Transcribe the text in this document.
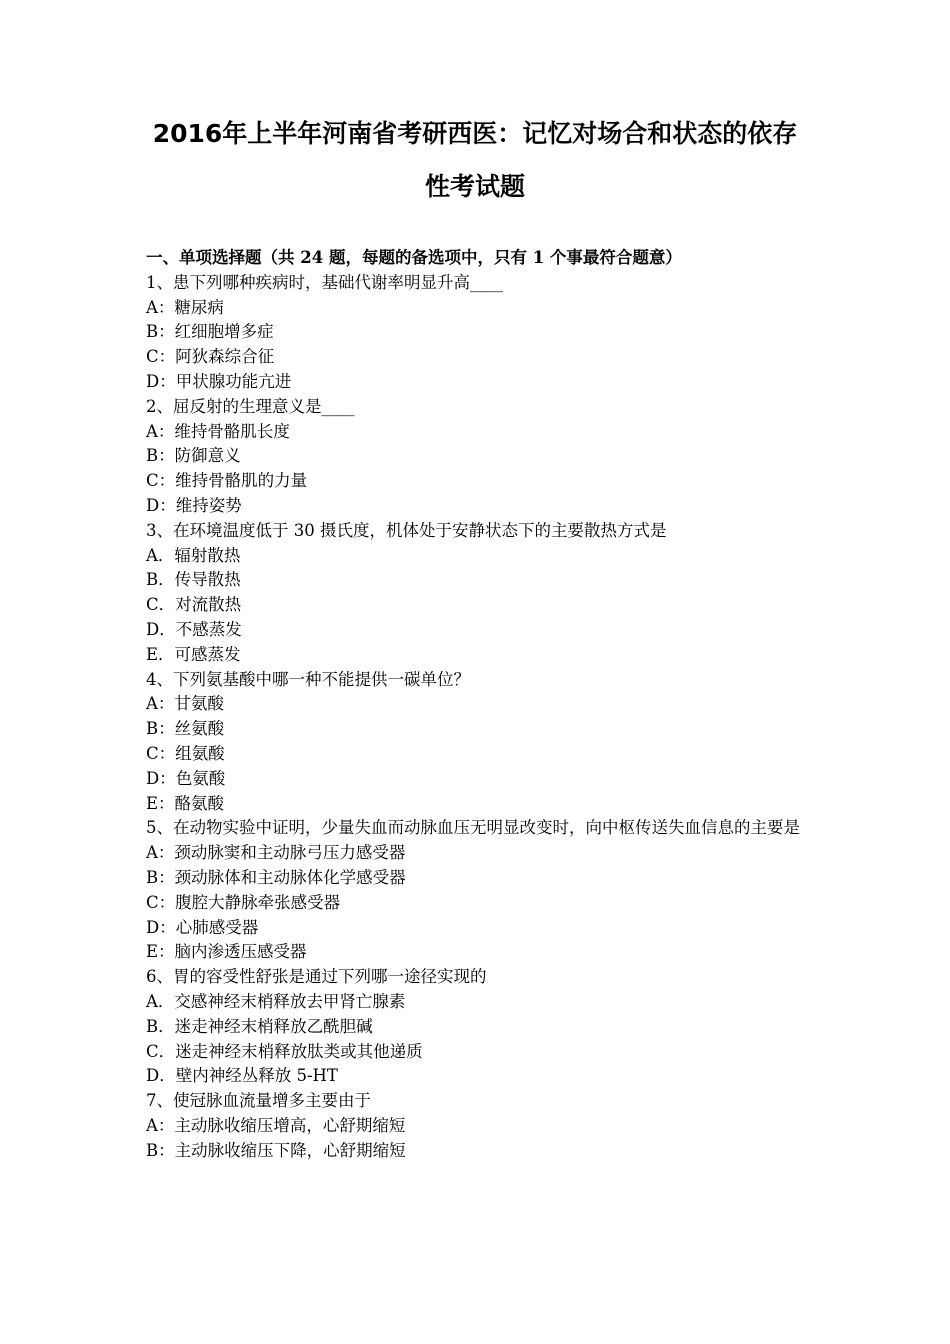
2016年上半年河南省考研西医：记忆对场合和状态的依存
性考试题
一、单项选择题（共 24 题，每题的备选项中，只有 1 个事最符合题意）
1、患下列哪种疾病时，基础代谢率明显升高____
A：糖尿病
B：红细胞增多症
C：阿狄森综合征
D：甲状腺功能亢进
2、屈反射的生理意义是____
A：维持骨骼肌长度
B：防御意义
C：维持骨骼肌的力量
D：维持姿势
3、在环境温度低于 30 摄氏度，机体处于安静状态下的主要散热方式是
A．辐射散热
B．传导散热
C．对流散热
D．不感蒸发
E．可感蒸发
4、下列氨基酸中哪一种不能提供一碳单位？
A：甘氨酸
B：丝氨酸
C：组氨酸
D：色氨酸
E：酪氨酸
5、在动物实验中证明，少量失血而动脉血压无明显改变时，向中枢传送失血信息的主要是
A：颈动脉窦和主动脉弓压力感受器
B：颈动脉体和主动脉体化学感受器
C：腹腔大静脉牵张感受器
D：心肺感受器
E：脑内渗透压感受器
6、胃的容受性舒张是通过下列哪一途径实现的
A．交感神经末梢释放去甲肾亡腺素
B．迷走神经末梢释放乙酰胆碱
C．迷走神经末梢释放肽类或其他递质
D．壁内神经丛释放 5-HT
7、使冠脉血流量增多主要由于
A：主动脉收缩压增高，心舒期缩短
B：主动脉收缩压下降，心舒期缩短
